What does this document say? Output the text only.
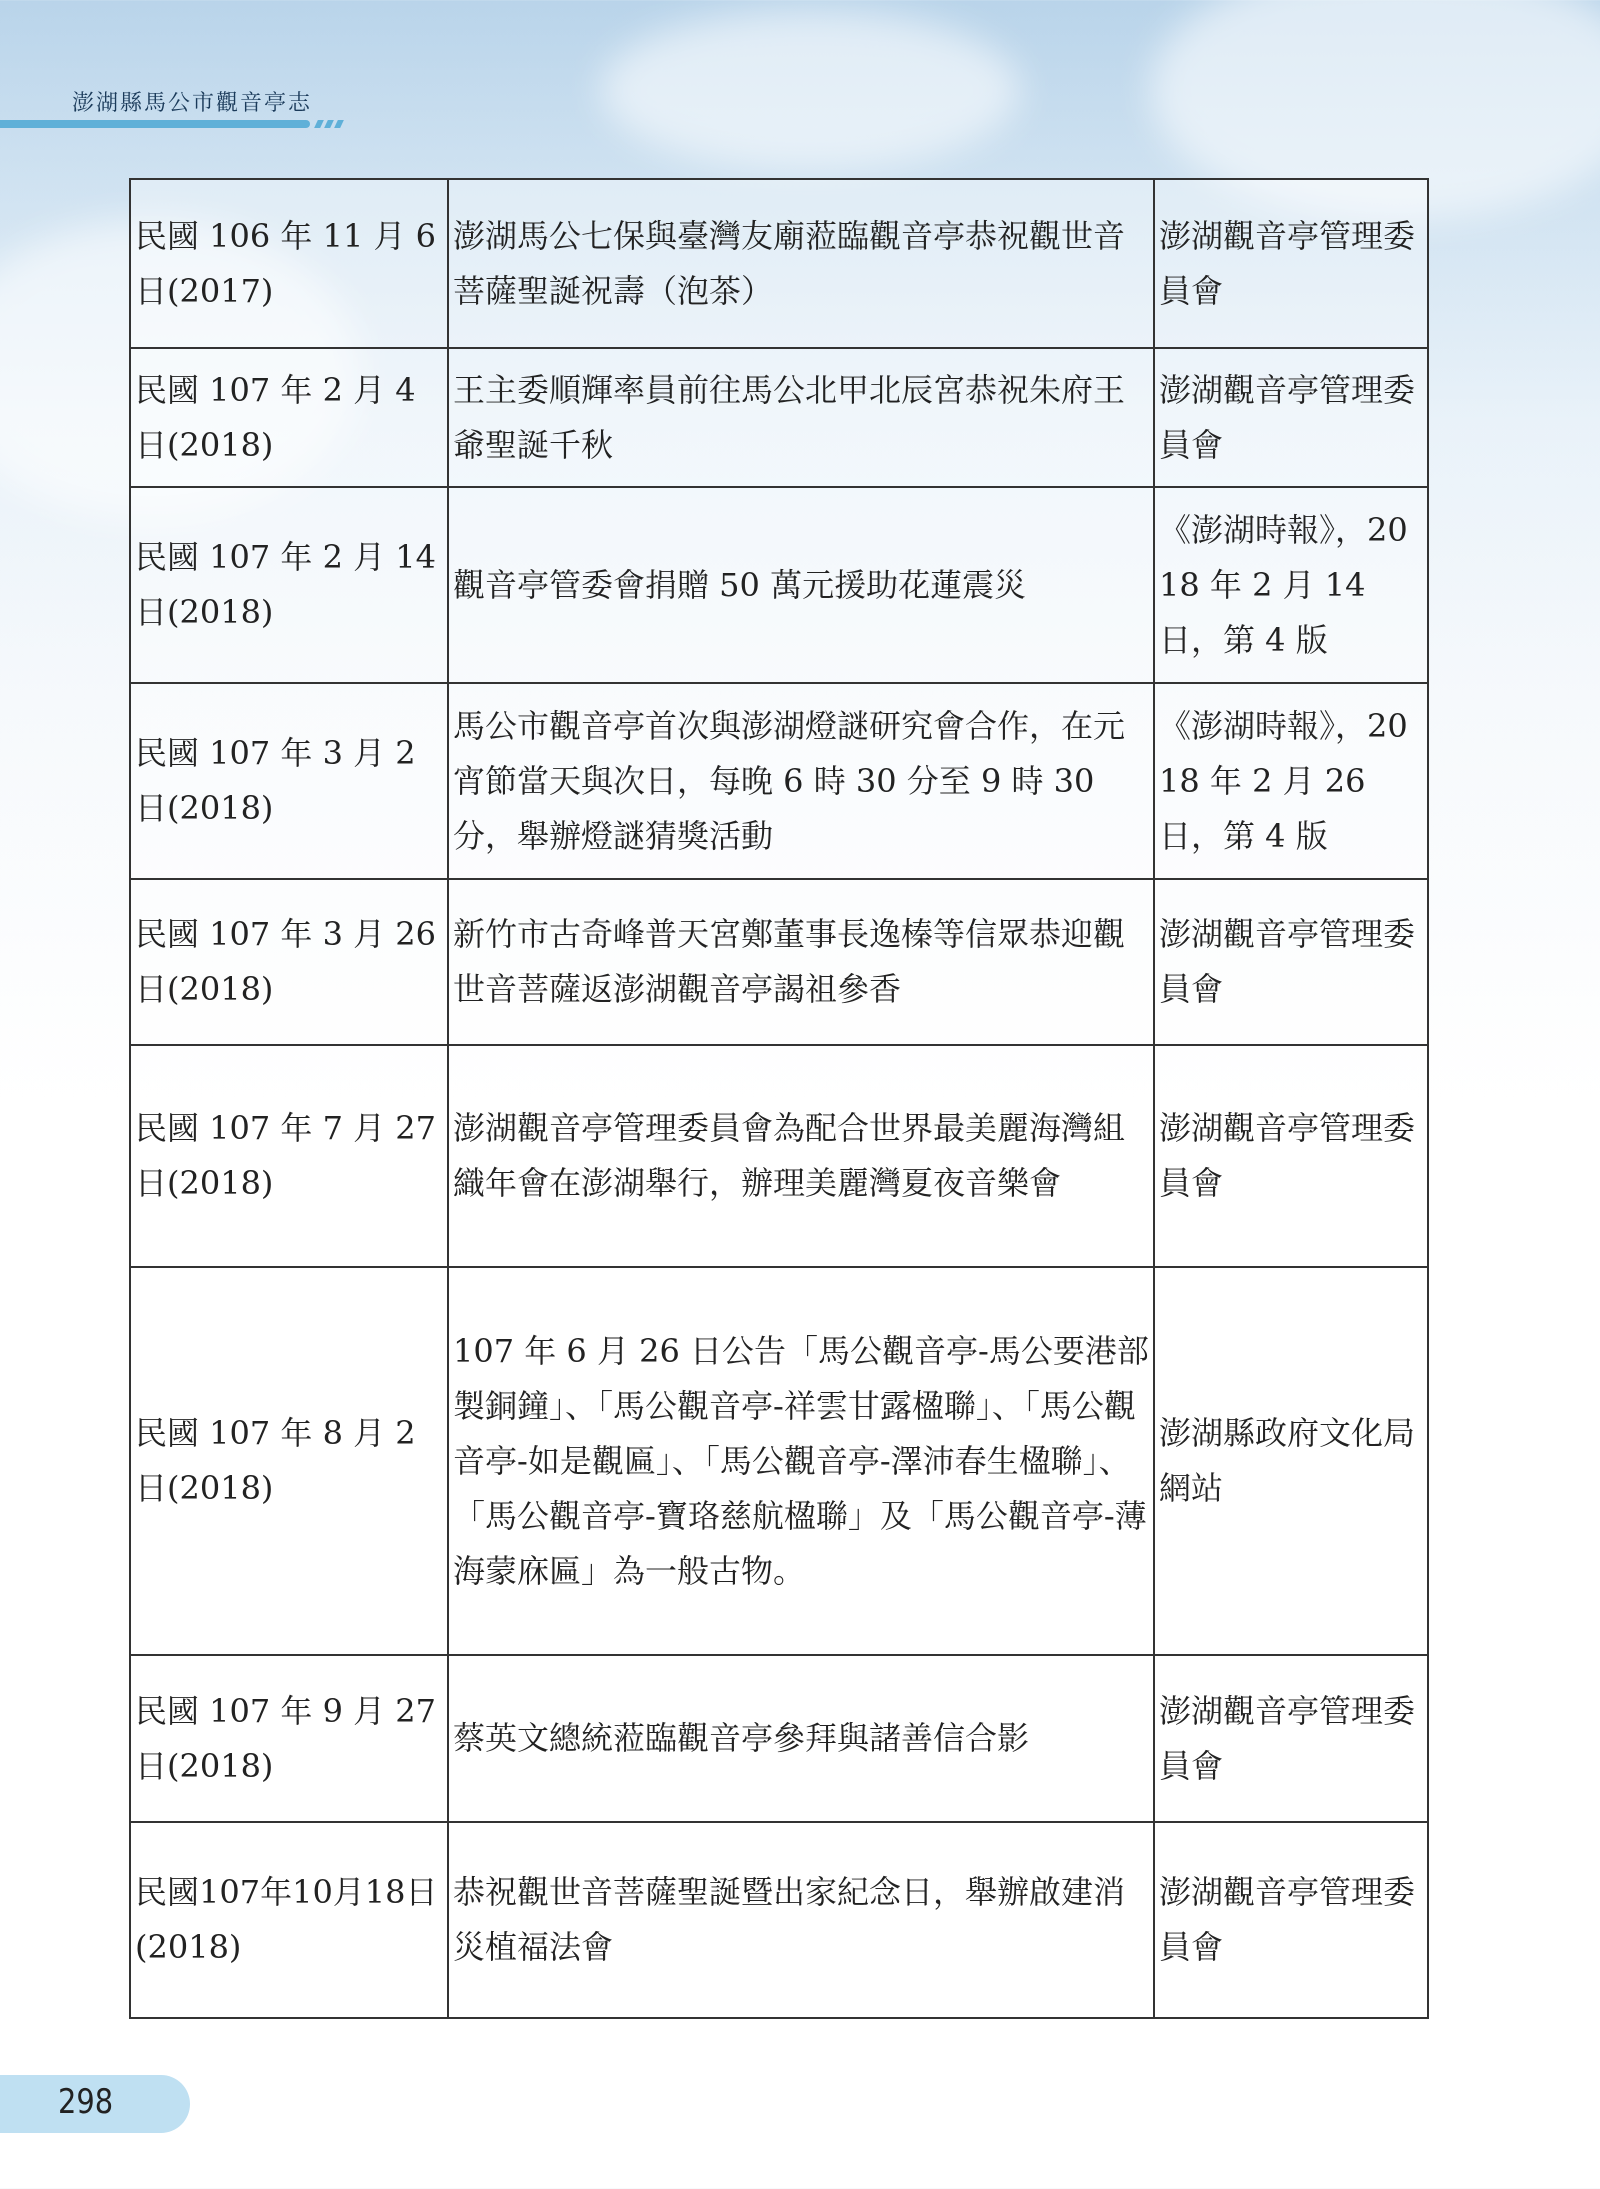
澎湖縣馬公市觀音亭志
民國 106 年 11 月 6 日(2017)	澎湖馬公七保與臺灣友廟蒞臨觀音亭恭祝觀世音菩薩聖誕祝壽（泡茶）	澎湖觀音亭管理委員會
民國 107 年 2 月 4 日(2018)	王主委順輝率員前往馬公北甲北辰宮恭祝朱府王爺聖誕千秋	澎湖觀音亭管理委員會
民國 107 年 2 月 14 日(2018)	觀音亭管委會捐贈 50 萬元援助花蓮震災	《澎湖時報》，2018 年 2 月 14 日，第 4 版
民國 107 年 3 月 2 日(2018)	馬公市觀音亭首次與澎湖燈謎研究會合作，在元宵節當天與次日，每晚 6 時 30 分至 9 時 30 分，舉辦燈謎猜獎活動	《澎湖時報》，2018 年 2 月 26 日，第 4 版
民國 107 年 3 月 26 日(2018)	新竹市古奇峰普天宮鄭董事長逸榛等信眾恭迎觀世音菩薩返澎湖觀音亭謁祖參香	澎湖觀音亭管理委員會
民國 107 年 7 月 27 日(2018)	澎湖觀音亭管理委員會為配合世界最美麗海灣組織年會在澎湖舉行，辦理美麗灣夏夜音樂會	澎湖觀音亭管理委員會
民國 107 年 8 月 2 日(2018)	107 年 6 月 26 日公告「馬公觀音亭-馬公要港部製銅鐘」、「馬公觀音亭-祥雲甘露楹聯」、「馬公觀音亭-如是觀匾」、「馬公觀音亭-澤沛春生楹聯」、「馬公觀音亭-寶珞慈航楹聯」及「馬公觀音亭-薄海蒙庥匾」為一般古物。	澎湖縣政府文化局網站
民國 107 年 9 月 27 日(2018)	蔡英文總統蒞臨觀音亭參拜與諸善信合影	澎湖觀音亭管理委員會
民國107年10月18日(2018)	恭祝觀世音菩薩聖誕暨出家紀念日，舉辦啟建消災植福法會	澎湖觀音亭管理委員會
298
